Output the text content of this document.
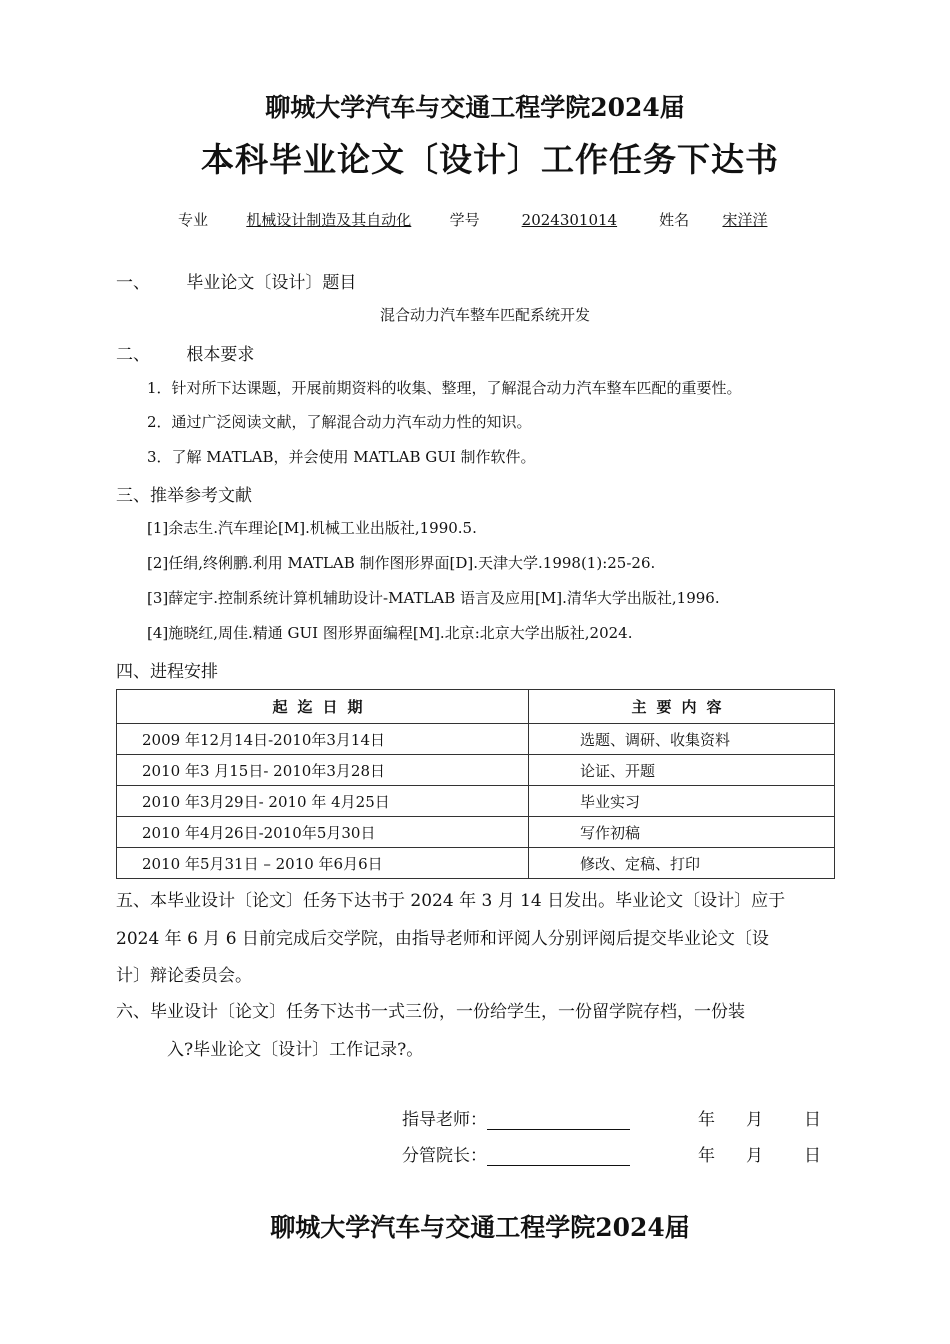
聊城大学汽车与交通工程学院2024届
本科毕业论文〔设计〕工作任务下达书
专业	机械设计制造及其自动化	学号	2024301014	姓名 宋洋洋
一、 毕业论文〔设计〕题目
混合动力汽车整车匹配系统开发
二、 根本要求
1．针对所下达课题，开展前期资料的收集、整理，了解混合动力汽车整车匹配的重要性。
2．通过广泛阅读文献，了解混合动力汽车动力性的知识。
3．了解 MATLAB，并会使用 MATLAB GUI 制作软件。
三、推举参考文献
[1]余志生.汽车理论[M].机械工业出版社,1990.5.
[2]任绢,终俐鹏.利用 MATLAB 制作图形界面[D].天津大学.1998(1):25-26.
[3]薛定宇.控制系统计算机辅助设计-MATLAB 语言及应用[M].清华大学出版社,1996.
[4]施晓红,周佳.精通 GUI 图形界面编程[M].北京:北京大学出版社,2024.
四、进程安排
起迄日期	主要内容
2009 年12月14日-2010年3月14日	选题、调研、收集资料
2010 年3 月15日- 2010年3月28日	论证、开题
2010 年3月29日- 2010 年 4月25日	毕业实习
2010 年4月26日-2010年5月30日	写作初稿
2010 年5月31日 – 2010 年6月6日	修改、定稿、打印
五、本毕业设计〔论文〕任务下达书于 2024 年 3 月 14 日发出。毕业论文〔设计〕应于
2024 年 6 月 6 日前完成后交学院，由指导老师和评阅人分别评阅后提交毕业论文〔设
计〕辩论委员会。
六、毕业设计〔论文〕任务下达书一式三份，一份给学生，一份留学院存档，一份装
入?毕业论文〔设计〕工作记录?。
指导老师：	年 月 日
分管院长：	年 月 日
聊城大学汽车与交通工程学院2024届
